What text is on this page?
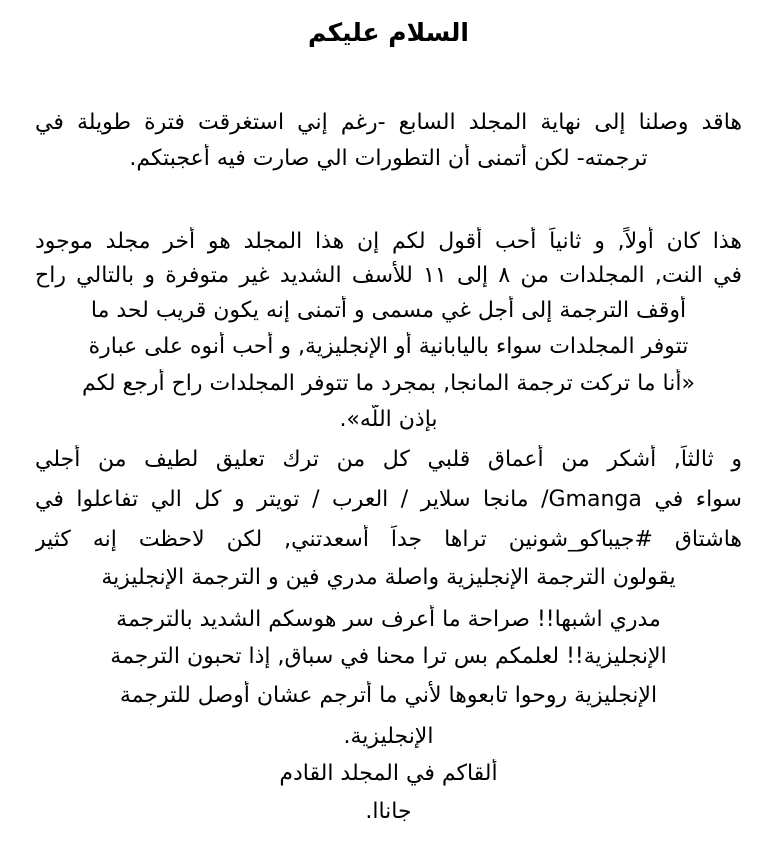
السلام عليكم
هاقد وصلنا إلى نهاية المجلد السابع -رغم إني استغرقت فترة طويلة في
ترجمته- لكن أتمنى أن التطورات الي صارت فيه أعجبتكم.
هذا كان أولاً, و ثانياً أحب أقول لكم إن هذا المجلد هو أخر مجلد موجود
في النت, المجلدات من ٨ إلى ١١ للأسف الشديد غير متوفرة و بالتالي راح
أوقف الترجمة إلى أجل غي مسمى و أتمنى إنه يكون قريب لحد ما
تتوفر المجلدات سواء باليابانية أو الإنجليزية, و أحب أنوه على عبارة
«أنا ما تركت ترجمة المانجا, بمجرد ما تتوفر المجلدات راح أرجع لكم
بإذن اللّه».
و ثالثاً, أشكر من أعماق قلبي كل من ترك تعليق لطيف من أجلي
سواء في Gmanga/ مانجا سلاير / العرب / تويتر و كل الي تفاعلوا في
هاشتاق #جيباكو_شونين تراها جداً أسعدتني, لكن لاحظت إنه كثير
يقولون الترجمة الإنجليزية واصلة مدري فين و الترجمة الإنجليزية
مدري اشبها!! صراحة ما أعرف سر هوسكم الشديد بالترجمة
الإنجليزية!! لعلمكم بس ترا محنا في سباق, إذا تحبون الترجمة
الإنجليزية روحوا تابعوها لأني ما أترجم عشان أوصل للترجمة
الإنجليزية.
ألقاكم في المجلد القادم
جاناا.
